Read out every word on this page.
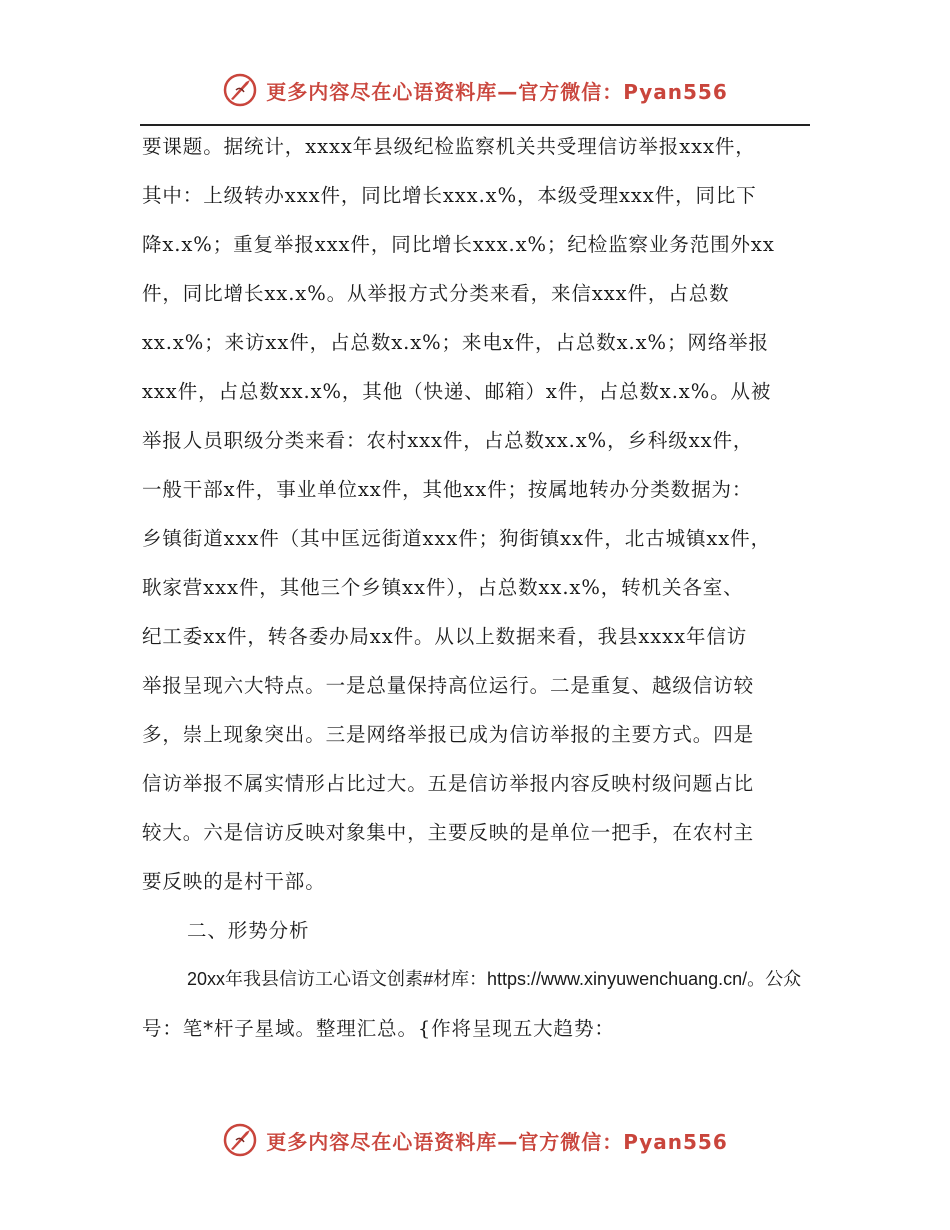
更多内容尽在心语资料库—官方微信：Pyan556
要课题。据统计，xxxx年县级纪检监察机关共受理信访举报xxx件，
其中：上级转办xxx件，同比增长xxx.x%，本级受理xxx件，同比下
降x.x%；重复举报xxx件，同比增长xxx.x%；纪检监察业务范围外xx
件，同比增长xx.x%。从举报方式分类来看，来信xxx件，占总数
xx.x%；来访xx件，占总数x.x%；来电x件，占总数x.x%；网络举报
xxx件，占总数xx.x%，其他（快递、邮箱）x件，占总数x.x%。从被
举报人员职级分类来看：农村xxx件，占总数xx.x%，乡科级xx件，
一般干部x件，事业单位xx件，其他xx件；按属地转办分类数据为：
乡镇街道xxx件（其中匡远街道xxx件；狗街镇xx件，北古城镇xx件，
耿家营xxx件，其他三个乡镇xx件），占总数xx.x%，转机关各室、
纪工委xx件，转各委办局xx件。从以上数据来看，我县xxxx年信访
举报呈现六大特点。一是总量保持高位运行。二是重复、越级信访较
多，崇上现象突出。三是网络举报已成为信访举报的主要方式。四是
信访举报不属实情形占比过大。五是信访举报内容反映村级问题占比
较大。六是信访反映对象集中，主要反映的是单位一把手，在农村主
要反映的是村干部。
二、形势分析
20xx年我县信访工心语文创素#材库：https://www.xinyuwenchuang.cn/。公众
号：笔*杆子星域。整理汇总。{作将呈现五大趋势：
更多内容尽在心语资料库—官方微信：Pyan556
